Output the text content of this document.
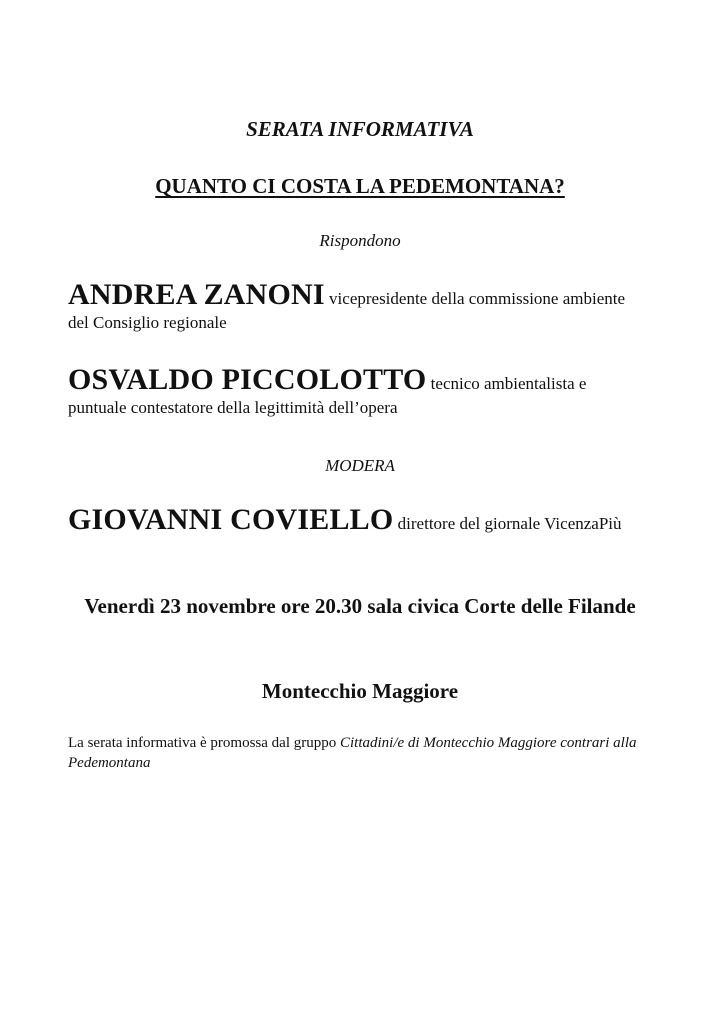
SERATA INFORMATIVA
QUANTO CI COSTA LA PEDEMONTANA?
Rispondono
ANDREA ZANONI vicepresidente della commissione ambiente del Consiglio regionale
OSVALDO PICCOLOTTO tecnico ambientalista e puntuale contestatore della legittimità dell’opera
MODERA
GIOVANNI COVIELLO direttore del giornale VicenzaPiù
Venerdì 23 novembre ore 20.30 sala civica Corte delle Filande
Montecchio Maggiore
La serata informativa è promossa dal gruppo Cittadini/e di Montecchio Maggiore contrari alla Pedemontana
